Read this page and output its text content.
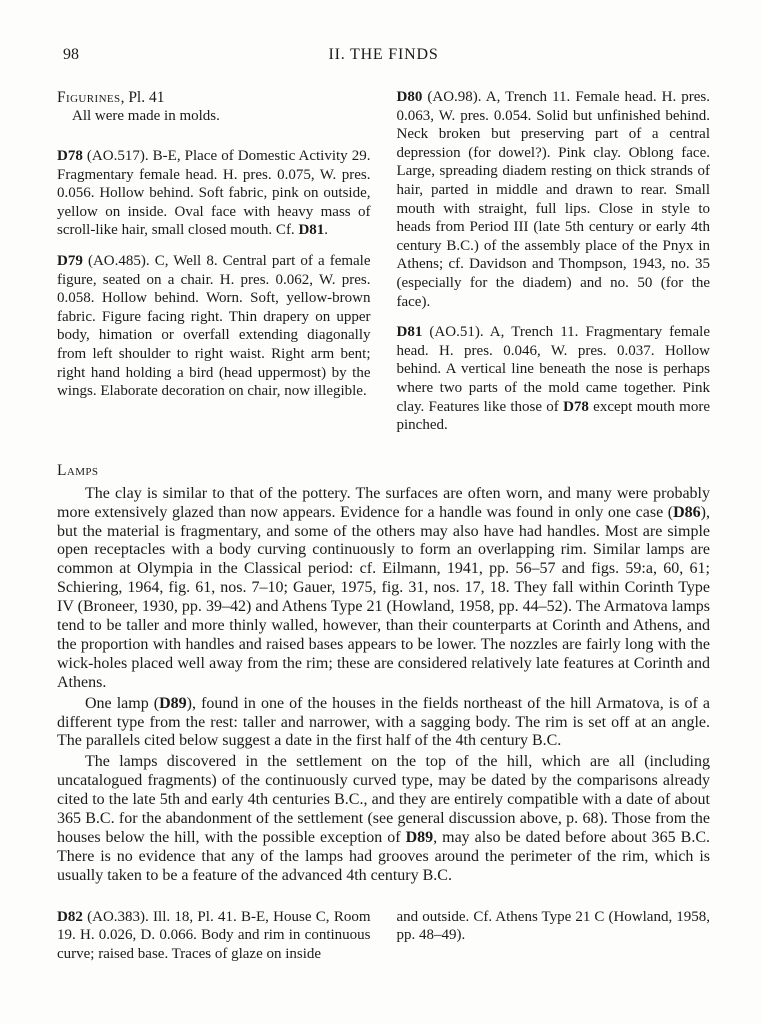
98	II. THE FINDS
Figurines, Pl. 41

All were made in molds.

D78 (AO.517). B-E, Place of Domestic Activity 29. Fragmentary female head. H. pres. 0.075, W. pres. 0.056. Hollow behind. Soft fabric, pink on outside, yellow on inside. Oval face with heavy mass of scroll-like hair, small closed mouth. Cf. D81.

D79 (AO.485). C, Well 8. Central part of a female figure, seated on a chair. H. pres. 0.062, W. pres. 0.058. Hollow behind. Worn. Soft, yellow-brown fabric. Figure facing right. Thin drapery on upper body, himation or overfall extending diagonally from left shoulder to right waist. Right arm bent; right hand holding a bird (head uppermost) by the wings. Elaborate decoration on chair, now illegible.

D80 (AO.98). A, Trench 11. Female head. H. pres. 0.063, W. pres. 0.054. Solid but unfinished behind. Neck broken but preserving part of a central depression (for dowel?). Pink clay. Oblong face. Large, spreading diadem resting on thick strands of hair, parted in middle and drawn to rear. Small mouth with straight, full lips. Close in style to heads from Period III (late 5th century or early 4th century B.C.) of the assembly place of the Pnyx in Athens; cf. Davidson and Thompson, 1943, no. 35 (especially for the diadem) and no. 50 (for the face).

D81 (AO.51). A, Trench 11. Fragmentary female head. H. pres. 0.046, W. pres. 0.037. Hollow behind. A vertical line beneath the nose is perhaps where two parts of the mold came together. Pink clay. Features like those of D78 except mouth more pinched.

Lamps

The clay is similar to that of the pottery. The surfaces are often worn, and many were probably more extensively glazed than now appears. Evidence for a handle was found in only one case (D86), but the material is fragmentary, and some of the others may also have had handles. Most are simple open receptacles with a body curving continuously to form an overlapping rim. Similar lamps are common at Olympia in the Classical period: cf. Eilmann, 1941, pp. 56–57 and figs. 59:a, 60, 61; Schiering, 1964, fig. 61, nos. 7–10; Gauer, 1975, fig. 31, nos. 17, 18. They fall within Corinth Type IV (Broneer, 1930, pp. 39–42) and Athens Type 21 (Howland, 1958, pp. 44–52). The Armatova lamps tend to be taller and more thinly walled, however, than their counterparts at Corinth and Athens, and the proportion with handles and raised bases appears to be lower. The nozzles are fairly long with the wick-holes placed well away from the rim; these are considered relatively late features at Corinth and Athens.

One lamp (D89), found in one of the houses in the fields northeast of the hill Armatova, is of a different type from the rest: taller and narrower, with a sagging body. The rim is set off at an angle. The parallels cited below suggest a date in the first half of the 4th century B.C.

The lamps discovered in the settlement on the top of the hill, which are all (including uncatalogued fragments) of the continuously curved type, may be dated by the comparisons already cited to the late 5th and early 4th centuries B.C., and they are entirely compatible with a date of about 365 B.C. for the abandonment of the settlement (see general discussion above, p. 68). Those from the houses below the hill, with the possible exception of D89, may also be dated before about 365 B.C. There is no evidence that any of the lamps had grooves around the perimeter of the rim, which is usually taken to be a feature of the advanced 4th century B.C.

D82 (AO.383). Ill. 18, Pl. 41. B-E, House C, Room 19. H. 0.026, D. 0.066. Body and rim in continuous curve; raised base. Traces of glaze on inside

and outside. Cf. Athens Type 21 C (Howland, 1958, pp. 48–49).
